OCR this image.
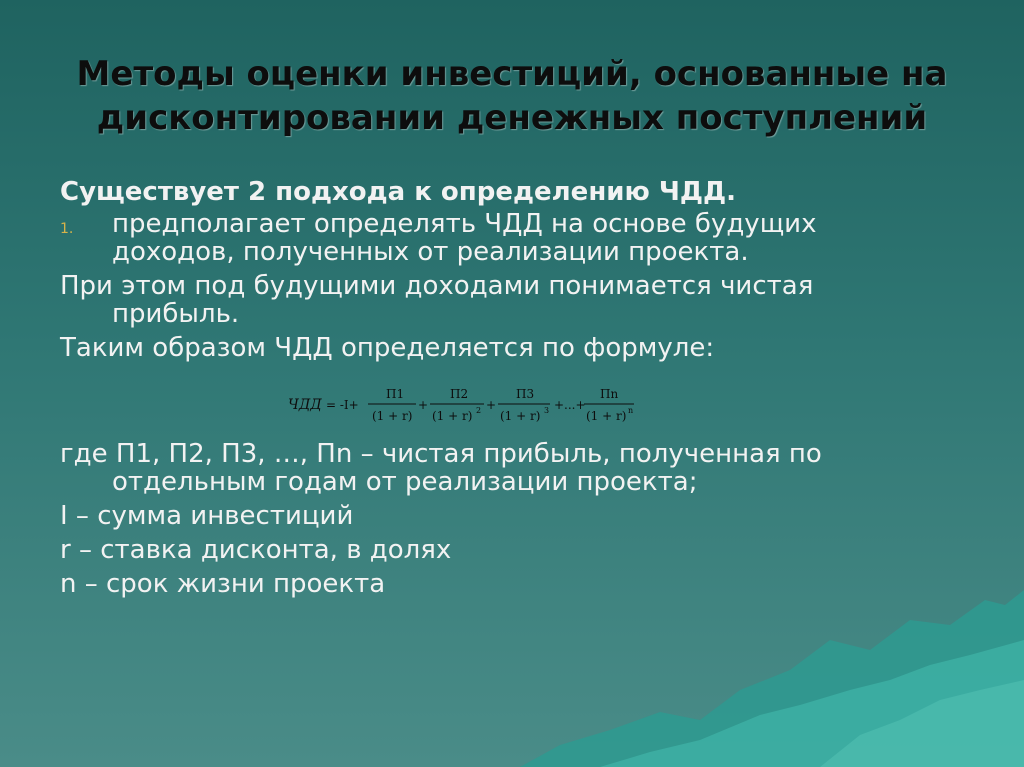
Методы оценки инвестиций, основанные на
дисконтировании денежных поступлений
Существует 2 подхода к определению ЧДД.
1. предполагает определять ЧДД на основе будущих
доходов, полученных от реализации проекта.
При этом под будущими доходами понимается чистая
прибыль.
Таким образом ЧДД определяется по формуле:
ЧДД = -I+
П1
(1 + r)
+
П2
(1 + r) 2 +
П3
(1 + r) 3 +...+
Пn
(1 + r) n
где П1, П2, П3, …, Пn – чистая прибыль, полученная по
отдельным годам от реализации проекта;
I – сумма инвестиций
r – ставка дисконта, в долях
n – срок жизни проекта
